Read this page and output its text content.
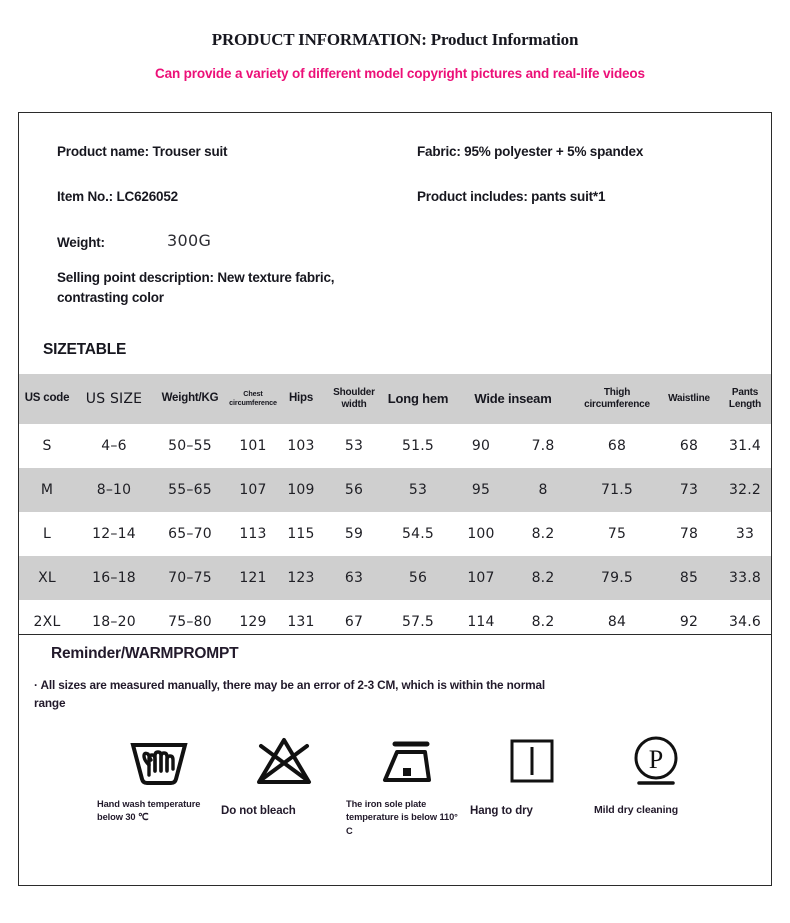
PRODUCT INFORMATION: Product Information
Can provide a variety of different model copyright pictures and real-life videos
Product name: Trouser suit	Fabric: 95% polyester + 5% spandex
Item No.: LC626052	Product includes: pants suit*1
Weight:	300G
Selling point description: New texture fabric, contrasting color
SIZETABLE
US code	US SIZE	Weight/KG	Chest circumference	Hips	Shoulder width	Long hem	Wide inseam		Thigh circumference	Waistline	Pants Length
S	4–6	50–55	101	103	53	51.5	90	7.8	68	68	31.4
M	8–10	55–65	107	109	56	53	95	8	71.5	73	32.2
L	12–14	65–70	113	115	59	54.5	100	8.2	75	78	33
XL	16–18	70–75	121	123	63	56	107	8.2	79.5	85	33.8
2XL	18–20	75–80	129	131	67	57.5	114	8.2	84	92	34.6
Reminder/WARMPROMPT
· All sizes are measured manually, there may be an error of 2-3 CM, which is within the normal range
Hand wash temperature below 30 ℃
Do not bleach
The iron sole plate temperature is below 110° C
Hang to dry
P
Mild dry cleaning
